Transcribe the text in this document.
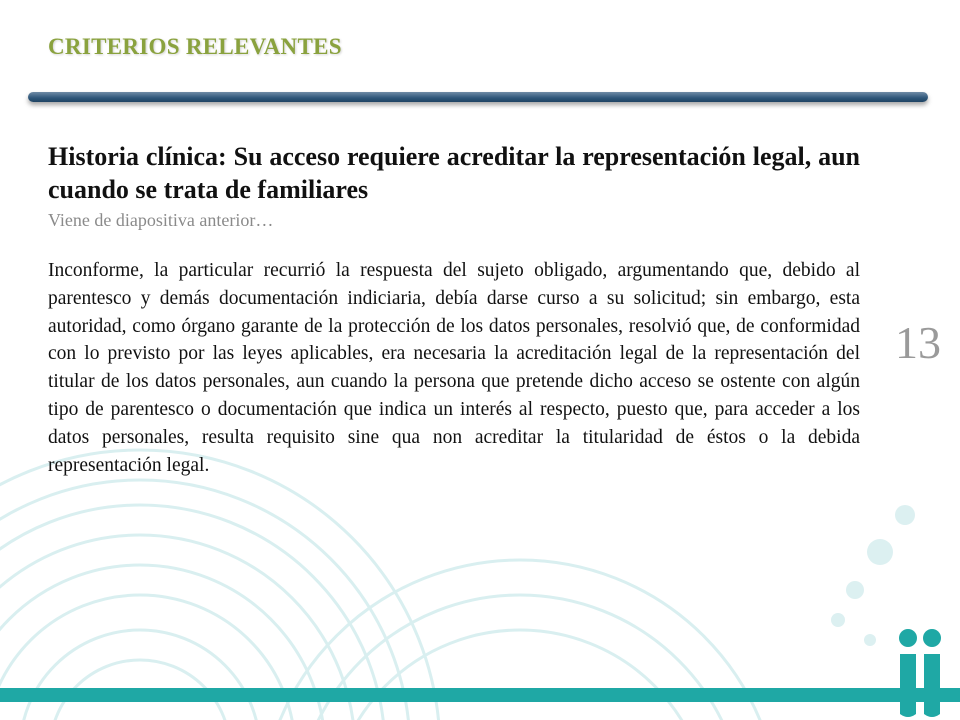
CRITERIOS RELEVANTES

Historia clínica: Su acceso requiere acreditar la representación legal, aun cuando se trata de familiares

Viene de diapositiva anterior…

Inconforme, la particular recurrió la respuesta del sujeto obligado, argumentando que, debido al parentesco y demás documentación indiciaria, debía darse curso a su solicitud; sin embargo, esta autoridad, como órgano garante de la protección de los datos personales, resolvió que, de conformidad con lo previsto por las leyes aplicables, era necesaria la acreditación legal de la representación del titular de los datos personales, aun cuando la persona que pretende dicho acceso se ostente con algún tipo de parentesco o documentación que indica un interés al respecto, puesto que, para acceder a los datos personales, resulta requisito sine qua non acreditar la titularidad de éstos o la debida representación legal.

13
